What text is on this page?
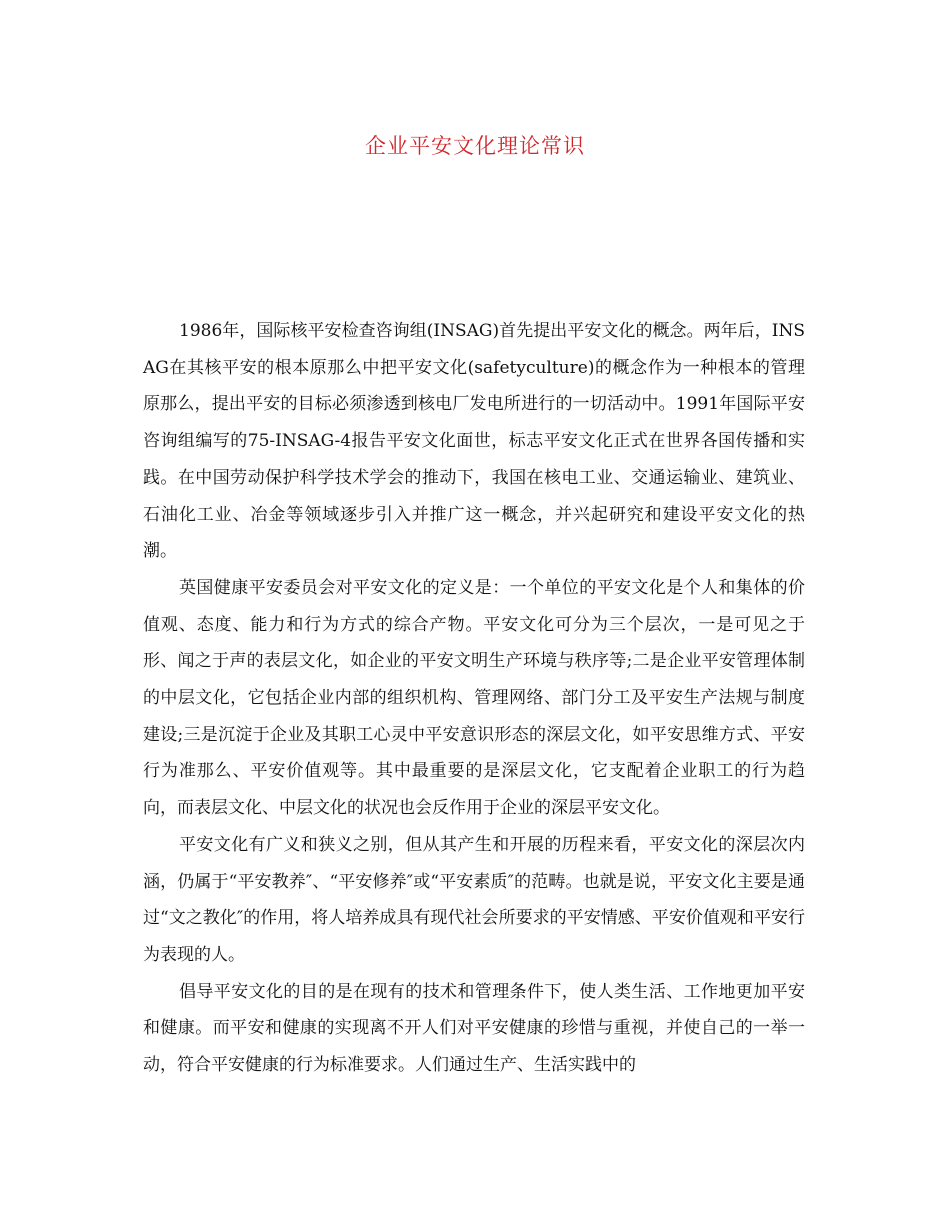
企业平安文化理论常识

1986年，国际核平安检查咨询组(INSAG)首先提出平安文化的概念。两年后，INSAG在其核平安的根本原那么中把平安文化(safetyculture)的概念作为一种根本的管理原那么，提出平安的目标必须渗透到核电厂发电所进行的一切活动中。1991年国际平安咨询组编写的75-INSAG-4报告平安文化面世，标志平安文化正式在世界各国传播和实践。在中国劳动保护科学技术学会的推动下，我国在核电工业、交通运输业、建筑业、石油化工业、冶金等领域逐步引入并推广这一概念，并兴起研究和建设平安文化的热潮。

英国健康平安委员会对平安文化的定义是：一个单位的平安文化是个人和集体的价值观、态度、能力和行为方式的综合产物。平安文化可分为三个层次，一是可见之于形、闻之于声的表层文化，如企业的平安文明生产环境与秩序等;二是企业平安管理体制的中层文化，它包括企业内部的组织机构、管理网络、部门分工及平安生产法规与制度建设;三是沉淀于企业及其职工心灵中平安意识形态的深层文化，如平安思维方式、平安行为准那么、平安价值观等。其中最重要的是深层文化，它支配着企业职工的行为趋向，而表层文化、中层文化的状况也会反作用于企业的深层平安文化。

平安文化有广义和狭义之别，但从其产生和开展的历程来看，平安文化的深层次内涵，仍属于“平安教养″、“平安修养″或“平安素质″的范畴。也就是说，平安文化主要是通过“文之教化″的作用，将人培养成具有现代社会所要求的平安情感、平安价值观和平安行为表现的人。

倡导平安文化的目的是在现有的技术和管理条件下，使人类生活、工作地更加平安和健康。而平安和健康的实现离不开人们对平安健康的珍惜与重视，并使自己的一举一动，符合平安健康的行为标准要求。人们通过生产、生活实践中的
